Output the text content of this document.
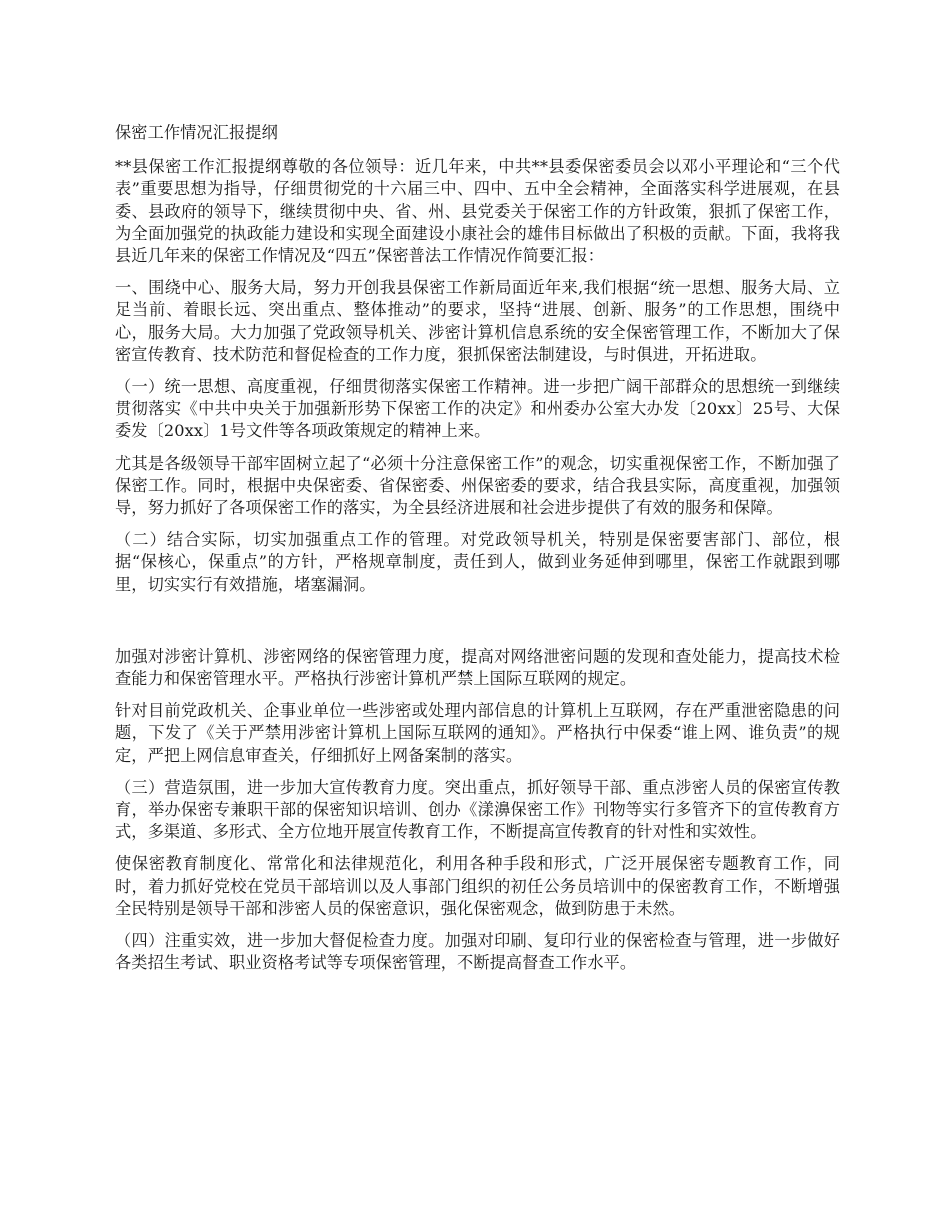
保密工作情况汇报提纲

**县保密工作汇报提纲尊敬的各位领导：近几年来，中共**县委保密委员会以邓小平理论和“三个代表”重要思想为指导，仔细贯彻党的十六届三中、四中、五中全会精神，全面落实科学进展观，在县委、县政府的领导下，继续贯彻中央、省、州、县党委关于保密工作的方针政策，狠抓了保密工作，为全面加强党的执政能力建设和实现全面建设小康社会的雄伟目标做出了积极的贡献。下面，我将我县近几年来的保密工作情况及“四五”保密普法工作情况作简要汇报：

一、围绕中心、服务大局，努力开创我县保密工作新局面近年来,我们根据“统一思想、服务大局、立足当前、着眼长远、突出重点、整体推动”的要求，坚持“进展、创新、服务”的工作思想，围绕中心，服务大局。大力加强了党政领导机关、涉密计算机信息系统的安全保密管理工作，不断加大了保密宣传教育、技术防范和督促检查的工作力度，狠抓保密法制建设，与时俱进，开拓进取。

（一）统一思想、高度重视，仔细贯彻落实保密工作精神。进一步把广阔干部群众的思想统一到继续贯彻落实《中共中央关于加强新形势下保密工作的决定》和州委办公室大办发〔20xx〕25号、大保委发〔20xx〕1号文件等各项政策规定的精神上来。

尤其是各级领导干部牢固树立起了“必须十分注意保密工作”的观念，切实重视保密工作，不断加强了保密工作。同时，根据中央保密委、省保密委、州保密委的要求，结合我县实际，高度重视，加强领导，努力抓好了各项保密工作的落实，为全县经济进展和社会进步提供了有效的服务和保障。

（二）结合实际，切实加强重点工作的管理。对党政领导机关，特别是保密要害部门、部位，根据“保核心，保重点”的方针，严格规章制度，责任到人，做到业务延伸到哪里，保密工作就跟到哪里，切实实行有效措施，堵塞漏洞。

加强对涉密计算机、涉密网络的保密管理力度，提高对网络泄密问题的发现和查处能力，提高技术检查能力和保密管理水平。严格执行涉密计算机严禁上国际互联网的规定。

针对目前党政机关、企事业单位一些涉密或处理内部信息的计算机上互联网，存在严重泄密隐患的问题，下发了《关于严禁用涉密计算机上国际互联网的通知》。严格执行中保委“谁上网、谁负责”的规定，严把上网信息审查关，仔细抓好上网备案制的落实。

（三）营造氛围，进一步加大宣传教育力度。突出重点，抓好领导干部、重点涉密人员的保密宣传教育，举办保密专兼职干部的保密知识培训、创办《漾濞保密工作》刊物等实行多管齐下的宣传教育方式，多渠道、多形式、全方位地开展宣传教育工作，不断提高宣传教育的针对性和实效性。

使保密教育制度化、常常化和法律规范化，利用各种手段和形式，广泛开展保密专题教育工作，同时，着力抓好党校在党员干部培训以及人事部门组织的初任公务员培训中的保密教育工作，不断增强全民特别是领导干部和涉密人员的保密意识，强化保密观念，做到防患于未然。

（四）注重实效，进一步加大督促检查力度。加强对印刷、复印行业的保密检查与管理，进一步做好各类招生考试、职业资格考试等专项保密管理，不断提高督查工作水平。
